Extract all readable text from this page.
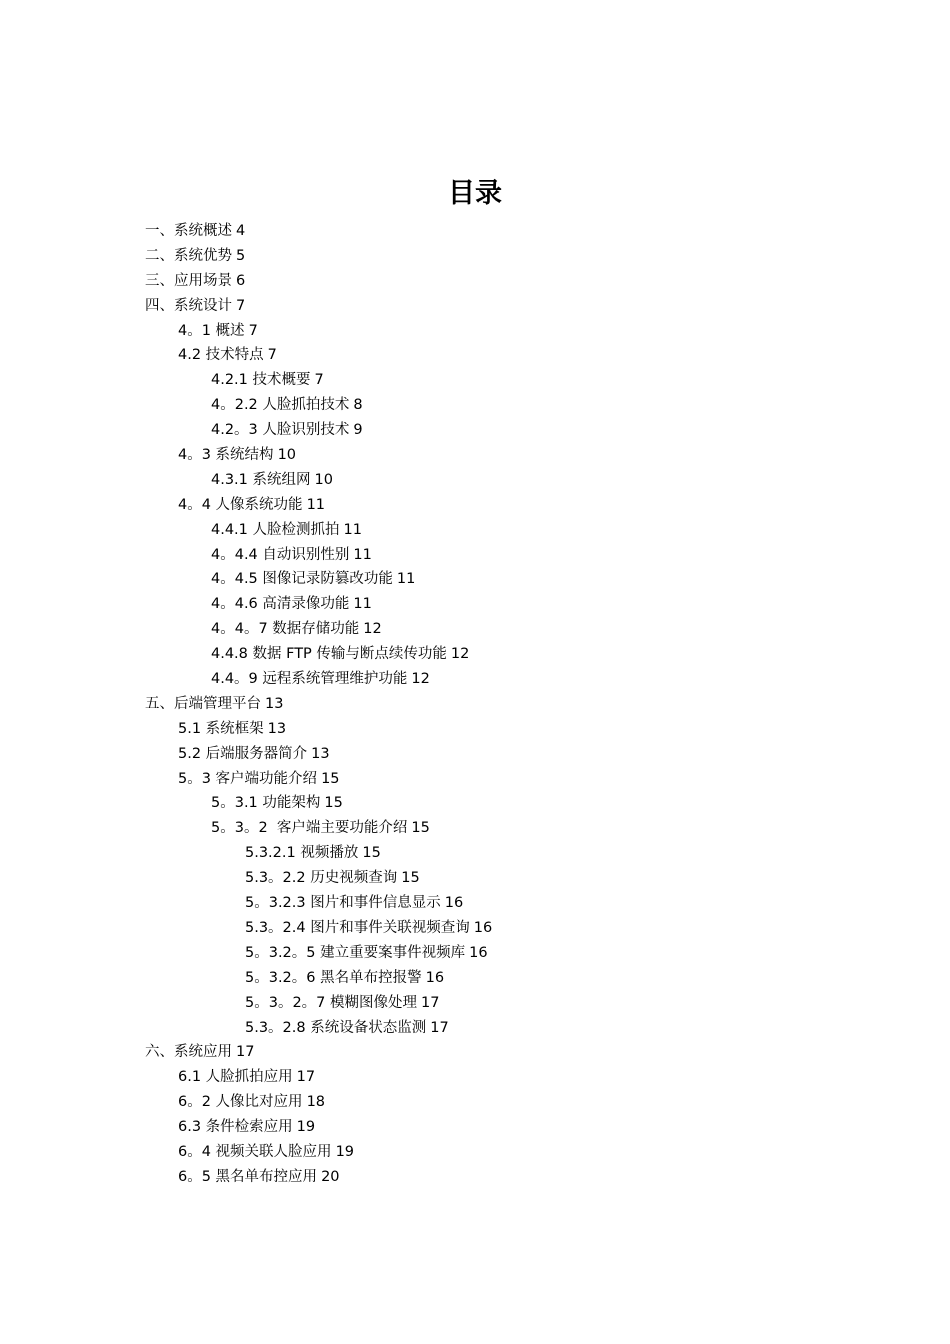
目录
一、系统概述 4
二、系统优势 5
三、应用场景 6
四、系统设计 7
4。1 概述 7
4.2 技术特点 7
4.2.1 技术概要 7
4。2.2 人脸抓拍技术 8
4.2。3 人脸识别技术 9
4。3 系统结构 10
4.3.1 系统组网 10
4。4 人像系统功能 11
4.4.1 人脸检测抓拍 11
4。4.4 自动识别性别 11
4。4.5 图像记录防篡改功能 11
4。4.6 高清录像功能 11
4。4。7 数据存储功能 12
4.4.8 数据 FTP 传输与断点续传功能 12
4.4。9 远程系统管理维护功能 12
五、后端管理平台 13
5.1 系统框架 13
5.2 后端服务器简介 13
5。3 客户端功能介绍 15
5。3.1 功能架构 15
5。3。2  客户端主要功能介绍 15
5.3.2.1 视频播放 15
5.3。2.2 历史视频查询 15
5。3.2.3 图片和事件信息显示 16
5.3。2.4 图片和事件关联视频查询 16
5。3.2。5 建立重要案事件视频库 16
5。3.2。6 黑名单布控报警 16
5。3。2。7 模糊图像处理 17
5.3。2.8 系统设备状态监测 17
六、系统应用 17
6.1 人脸抓拍应用 17
6。2 人像比对应用 18
6.3 条件检索应用 19
6。4 视频关联人脸应用 19
6。5 黑名单布控应用 20
